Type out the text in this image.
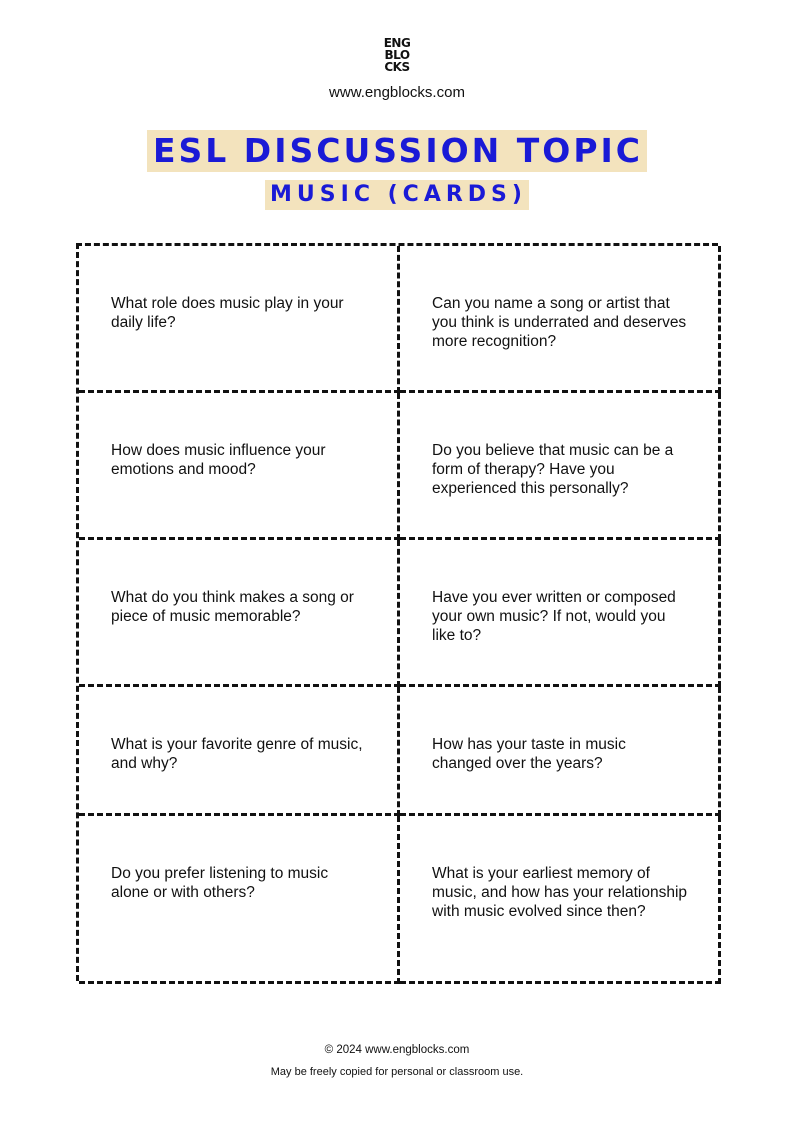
ENG
BLO
CKS
www.engblocks.com
ESL DISCUSSION TOPIC
MUSIC (CARDS)
What role does music play in your daily life?
Can you name a song or artist that you think is underrated and deserves more recognition?
How does music influence your emotions and mood?
Do you believe that music can be a form of therapy? Have you experienced this personally?
What do you think makes a song or piece of music memorable?
Have you ever written or composed your own music? If not, would you like to?
What is your favorite genre of music, and why?
How has your taste in music changed over the years?
Do you prefer listening to music alone or with others?
What is your earliest memory of music, and how has your relationship with music evolved since then?
© 2024 www.engblocks.com
May be freely copied for personal or classroom use.
